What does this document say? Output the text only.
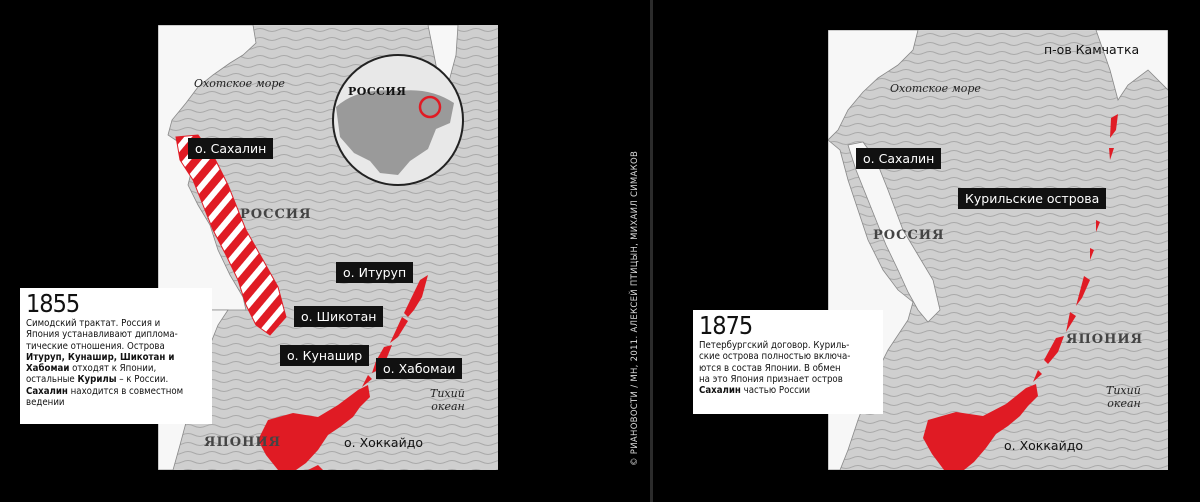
Охотское море
РОССИЯ
РОССИЯ
Тихий
океан
ЯПОНИЯ
о. Сахалин
о. Итуруп
о. Шикотан
о. Кунашир
о. Хабомаи
о. Хоккайдо
1855
Симодский трактат. Россия и
Япония устанавливают диплома-
тические отношения. Острова
Итуруп, Кунашир, Шикотан и
Хабомаи отходят к Японии,
остальные Курилы – к России.
Сахалин находится в совместном
ведении	© РИАНОВОСТИ / МН, 2011. АЛЕКСЕЙ ПТИЦЫН, МИХАИЛ СИМАКОВ
п-ов Камчатка
Охотское море
о. Сахалин
Курильские острова
РОССИЯ
ЯПОНИЯ
Тихий
океан
о. Хоккайдо
1875
Петербургский договор. Куриль-
ские острова полностью включа-
ются в состав Японии. В обмен
на это Япония признает остров
Сахалин частью России
